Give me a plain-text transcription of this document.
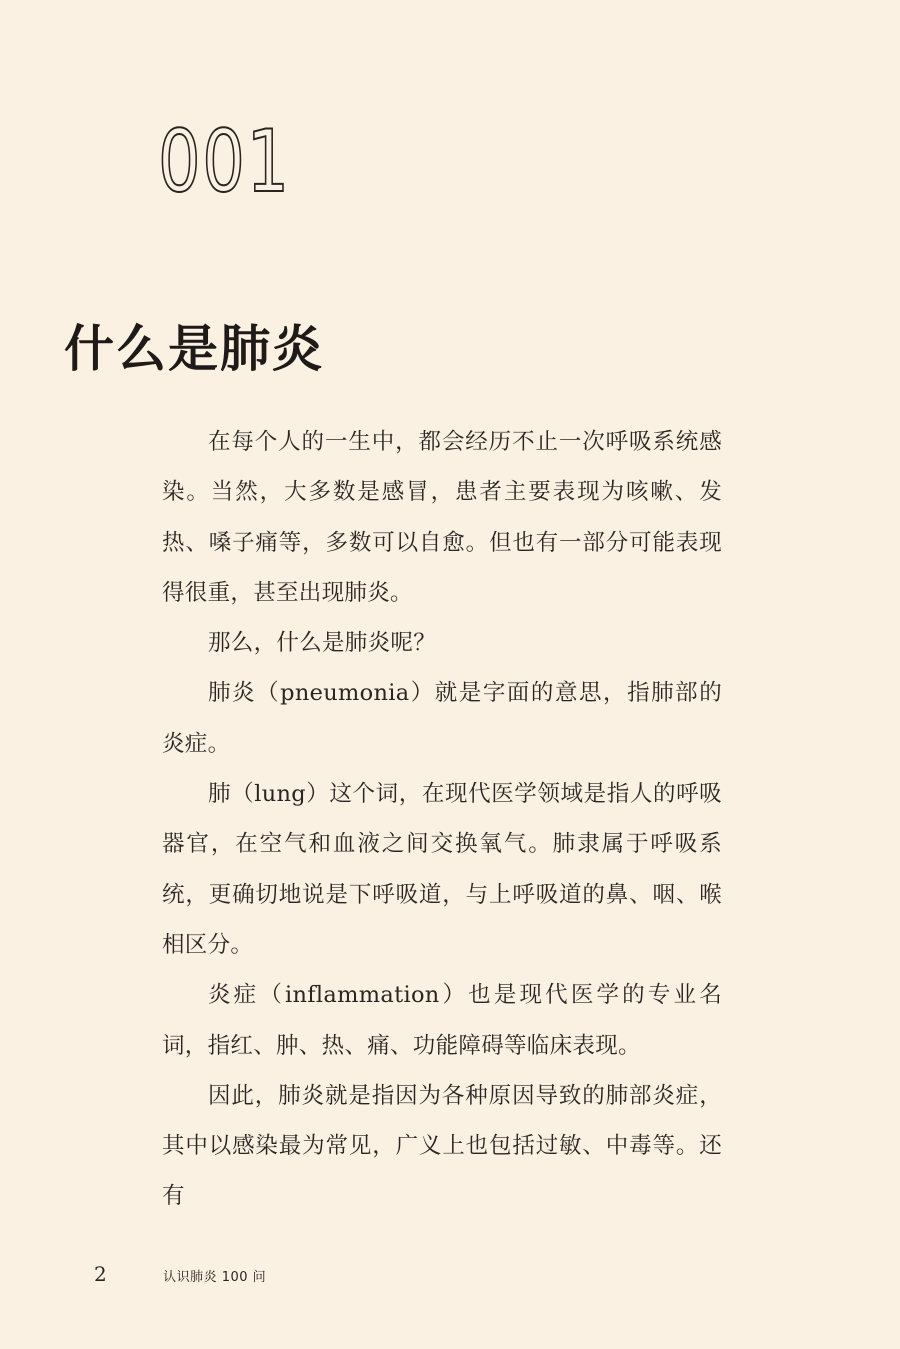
001
什么是肺炎

在每个人的一生中，都会经历不止一次呼吸系统感染。当然，大多数是感冒，患者主要表现为咳嗽、发热、嗓子痛等，多数可以自愈。但也有一部分可能表现得很重，甚至出现肺炎。

那么，什么是肺炎呢？

肺炎（pneumonia）就是字面的意思，指肺部的炎症。

肺（lung）这个词，在现代医学领域是指人的呼吸器官，在空气和血液之间交换氧气。肺隶属于呼吸系统，更确切地说是下呼吸道，与上呼吸道的鼻、咽、喉相区分。

炎症（inflammation）也是现代医学的专业名词，指红、肿、热、痛、功能障碍等临床表现。

因此，肺炎就是指因为各种原因导致的肺部炎症，其中以感染最为常见，广义上也包括过敏、中毒等。还有

2	认识肺炎 100 问
